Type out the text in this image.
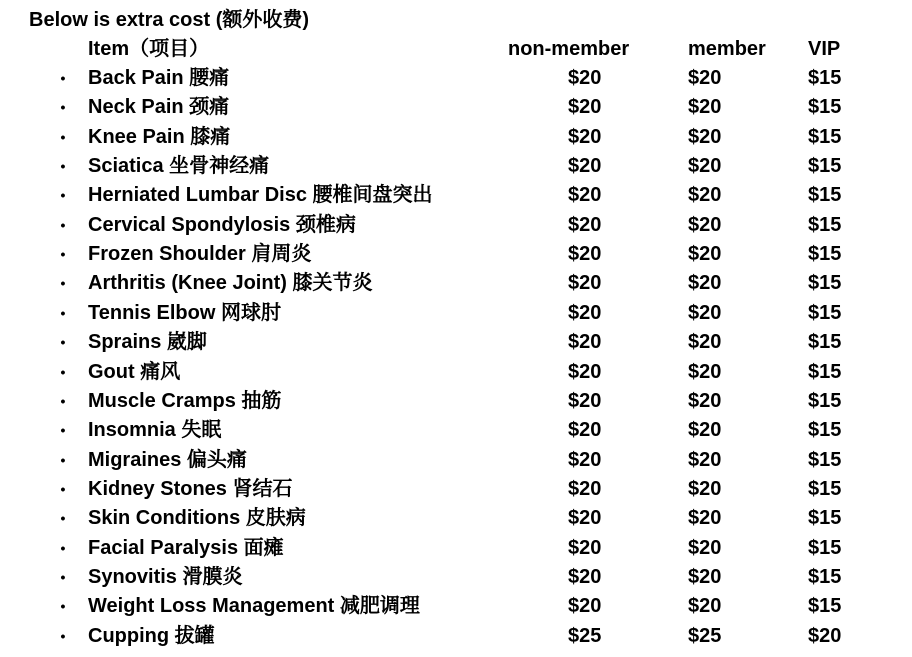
Below is extra cost (额外收费)
Item（项目）	non-member	member VIP
• Back Pain 腰痛	$20	$20	$15
• Neck Pain 颈痛	$20	$20	$15
• Knee Pain 膝痛	$20	$20	$15
• Sciatica 坐骨神经痛	$20	$20	$15
• Herniated Lumbar Disc 腰椎间盘突出	$20	$20	$15
• Cervical Spondylosis 颈椎病	$20	$20	$15
• Frozen Shoulder 肩周炎	$20	$20	$15
• Arthritis (Knee Joint) 膝关节炎	$20	$20	$15
• Tennis Elbow 网球肘	$20	$20	$15
• Sprains 崴脚	$20	$20	$15
• Gout 痛风	$20	$20	$15
• Muscle Cramps 抽筋	$20	$20	$15
• Insomnia 失眠	$20	$20	$15
• Migraines 偏头痛	$20	$20	$15
• Kidney Stones 肾结石	$20	$20	$15
• Skin Conditions 皮肤病	$20	$20	$15
• Facial Paralysis 面瘫	$20	$20	$15
• Synovitis 滑膜炎	$20	$20	$15
• Weight Loss Management 减肥调理	$20	$20	$15
• Cupping 拔罐	$25	$25	$20
